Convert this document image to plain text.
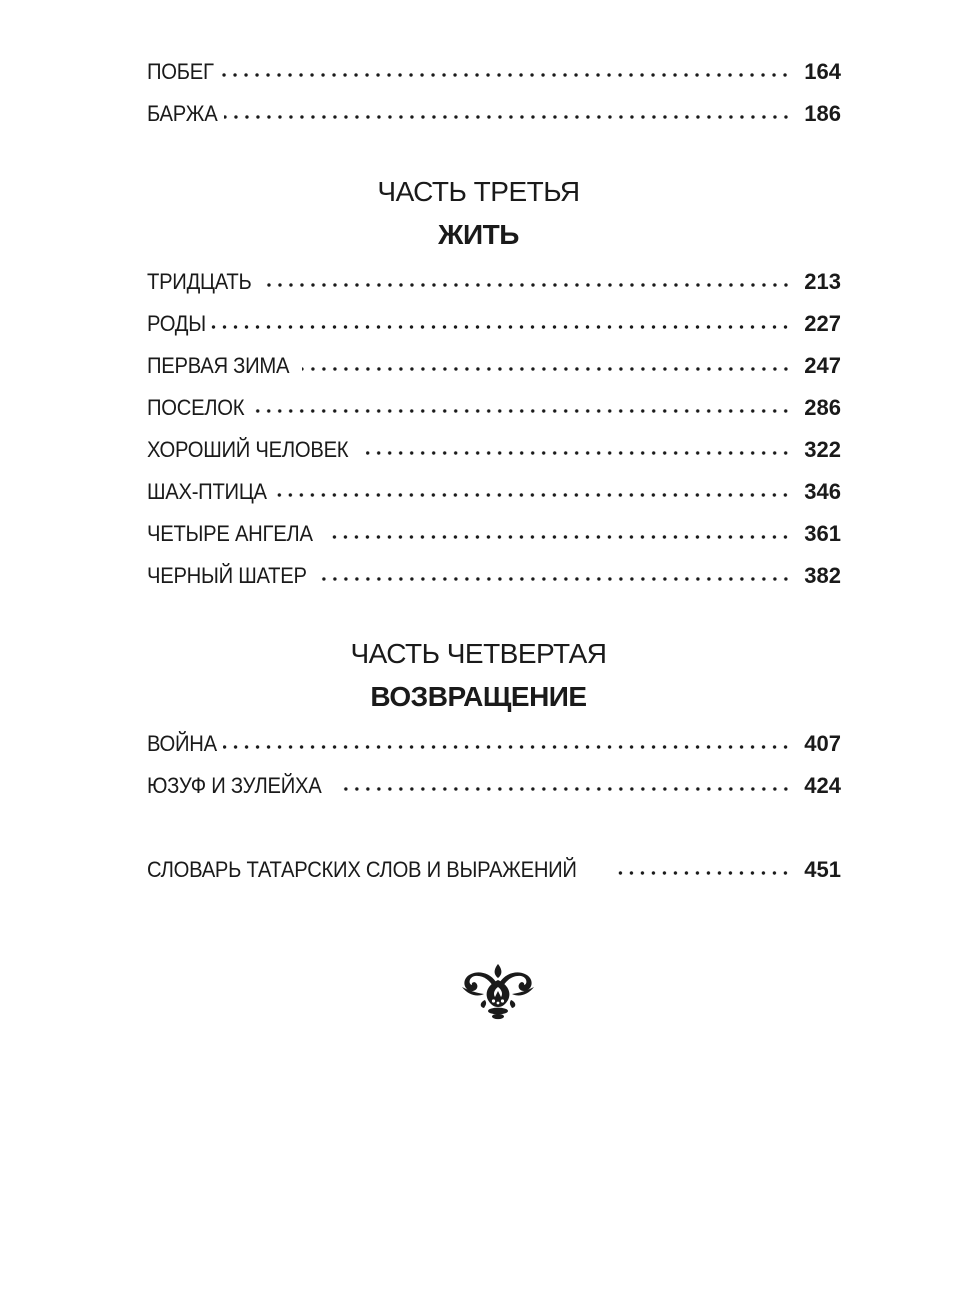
ПОБЕГ	164
БАРЖА	186
ЧАСТЬ ТРЕТЬЯ
ЖИТЬ
ТРИДЦАТЬ	213
РОДЫ	227
ПЕРВАЯ ЗИМА	247
ПОСЕЛОК	286
ХОРОШИЙ ЧЕЛОВЕК	322
ШАХ-ПТИЦА	346
ЧЕТЫРЕ АНГЕЛА	361
ЧЕРНЫЙ ШАТЕР	382
ЧАСТЬ ЧЕТВЕРТАЯ
ВОЗВРАЩЕНИЕ
ВОЙНА	407
ЮЗУФ И ЗУЛЕЙХА	424
СЛОВАРЬ ТАТАРСКИХ СЛОВ И ВЫРАЖЕНИЙ	451
